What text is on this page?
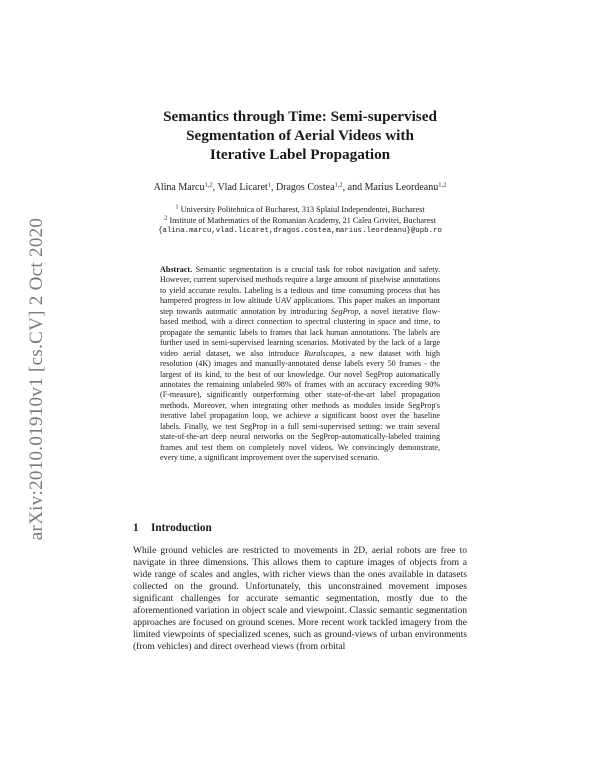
arXiv:2010.01910v1 [cs.CV] 2 Oct 2020
Semantics through Time: Semi-supervised
Segmentation of Aerial Videos with
Iterative Label Propagation
Alina Marcu$^{1,2}$, Vlad Licaret$^1$, Dragos Costea$^{1,2}$, and Marius Leordeanu$^{1,2}$
$^1$ University Politehnica of Bucharest, 313 Splaiul Independentei, Bucharest
$^2$ Institute of Mathematics of the Romanian Academy, 21 Calea Grivitei, Bucharest
{alina.marcu,vlad.licaret,dragos.costea,marius.leordeanu}@upb.ro
Abstract. Semantic segmentation is a crucial task for robot navigation and safety. However, current supervised methods require a large amount of pixelwise annotations to yield accurate results. Labeling is a tedious and time consuming process that has hampered progress in low altitude UAV applications. This paper makes an important step towards automatic annotation by introducing SegProp, a novel iterative flow-based method, with a direct connection to spectral clustering in space and time, to propagate the semantic labels to frames that lack human annotations. The labels are further used in semi-supervised learning scenarios. Motivated by the lack of a large video aerial dataset, we also introduce Ruralscapes, a new dataset with high resolution (4K) images and manually-annotated dense labels every 50 frames - the largest of its kind, to the best of our knowledge. Our novel SegProp automatically annotates the remaining unlabeled 98% of frames with an accuracy exceeding 90% (F-measure), significantly outperforming other state-of-the-art label propagation methods. Moreover, when integrating other methods as modules inside SegProp's iterative label propagation loop, we achieve a significant boost over the baseline labels. Finally, we test SegProp in a full semi-supervised setting: we train several state-of-the-art deep neural networks on the SegProp-automatically-labeled training frames and test them on completely novel videos. We convincingly demonstrate, every time, a significant improvement over the supervised scenario.
1 Introduction

While ground vehicles are restricted to movements in 2D, aerial robots are free to navigate in three dimensions. This allows them to capture images of objects from a wide range of scales and angles, with richer views than the ones available in datasets collected on the ground. Unfortunately, this unconstrained movement imposes significant challenges for accurate semantic segmentation, mostly due to the aforementioned variation in object scale and viewpoint. Classic semantic segmentation approaches are focused on ground scenes. More recent work tackled imagery from the limited viewpoints of specialized scenes, such as ground-views of urban environments (from vehicles) and direct overhead views (from orbital
